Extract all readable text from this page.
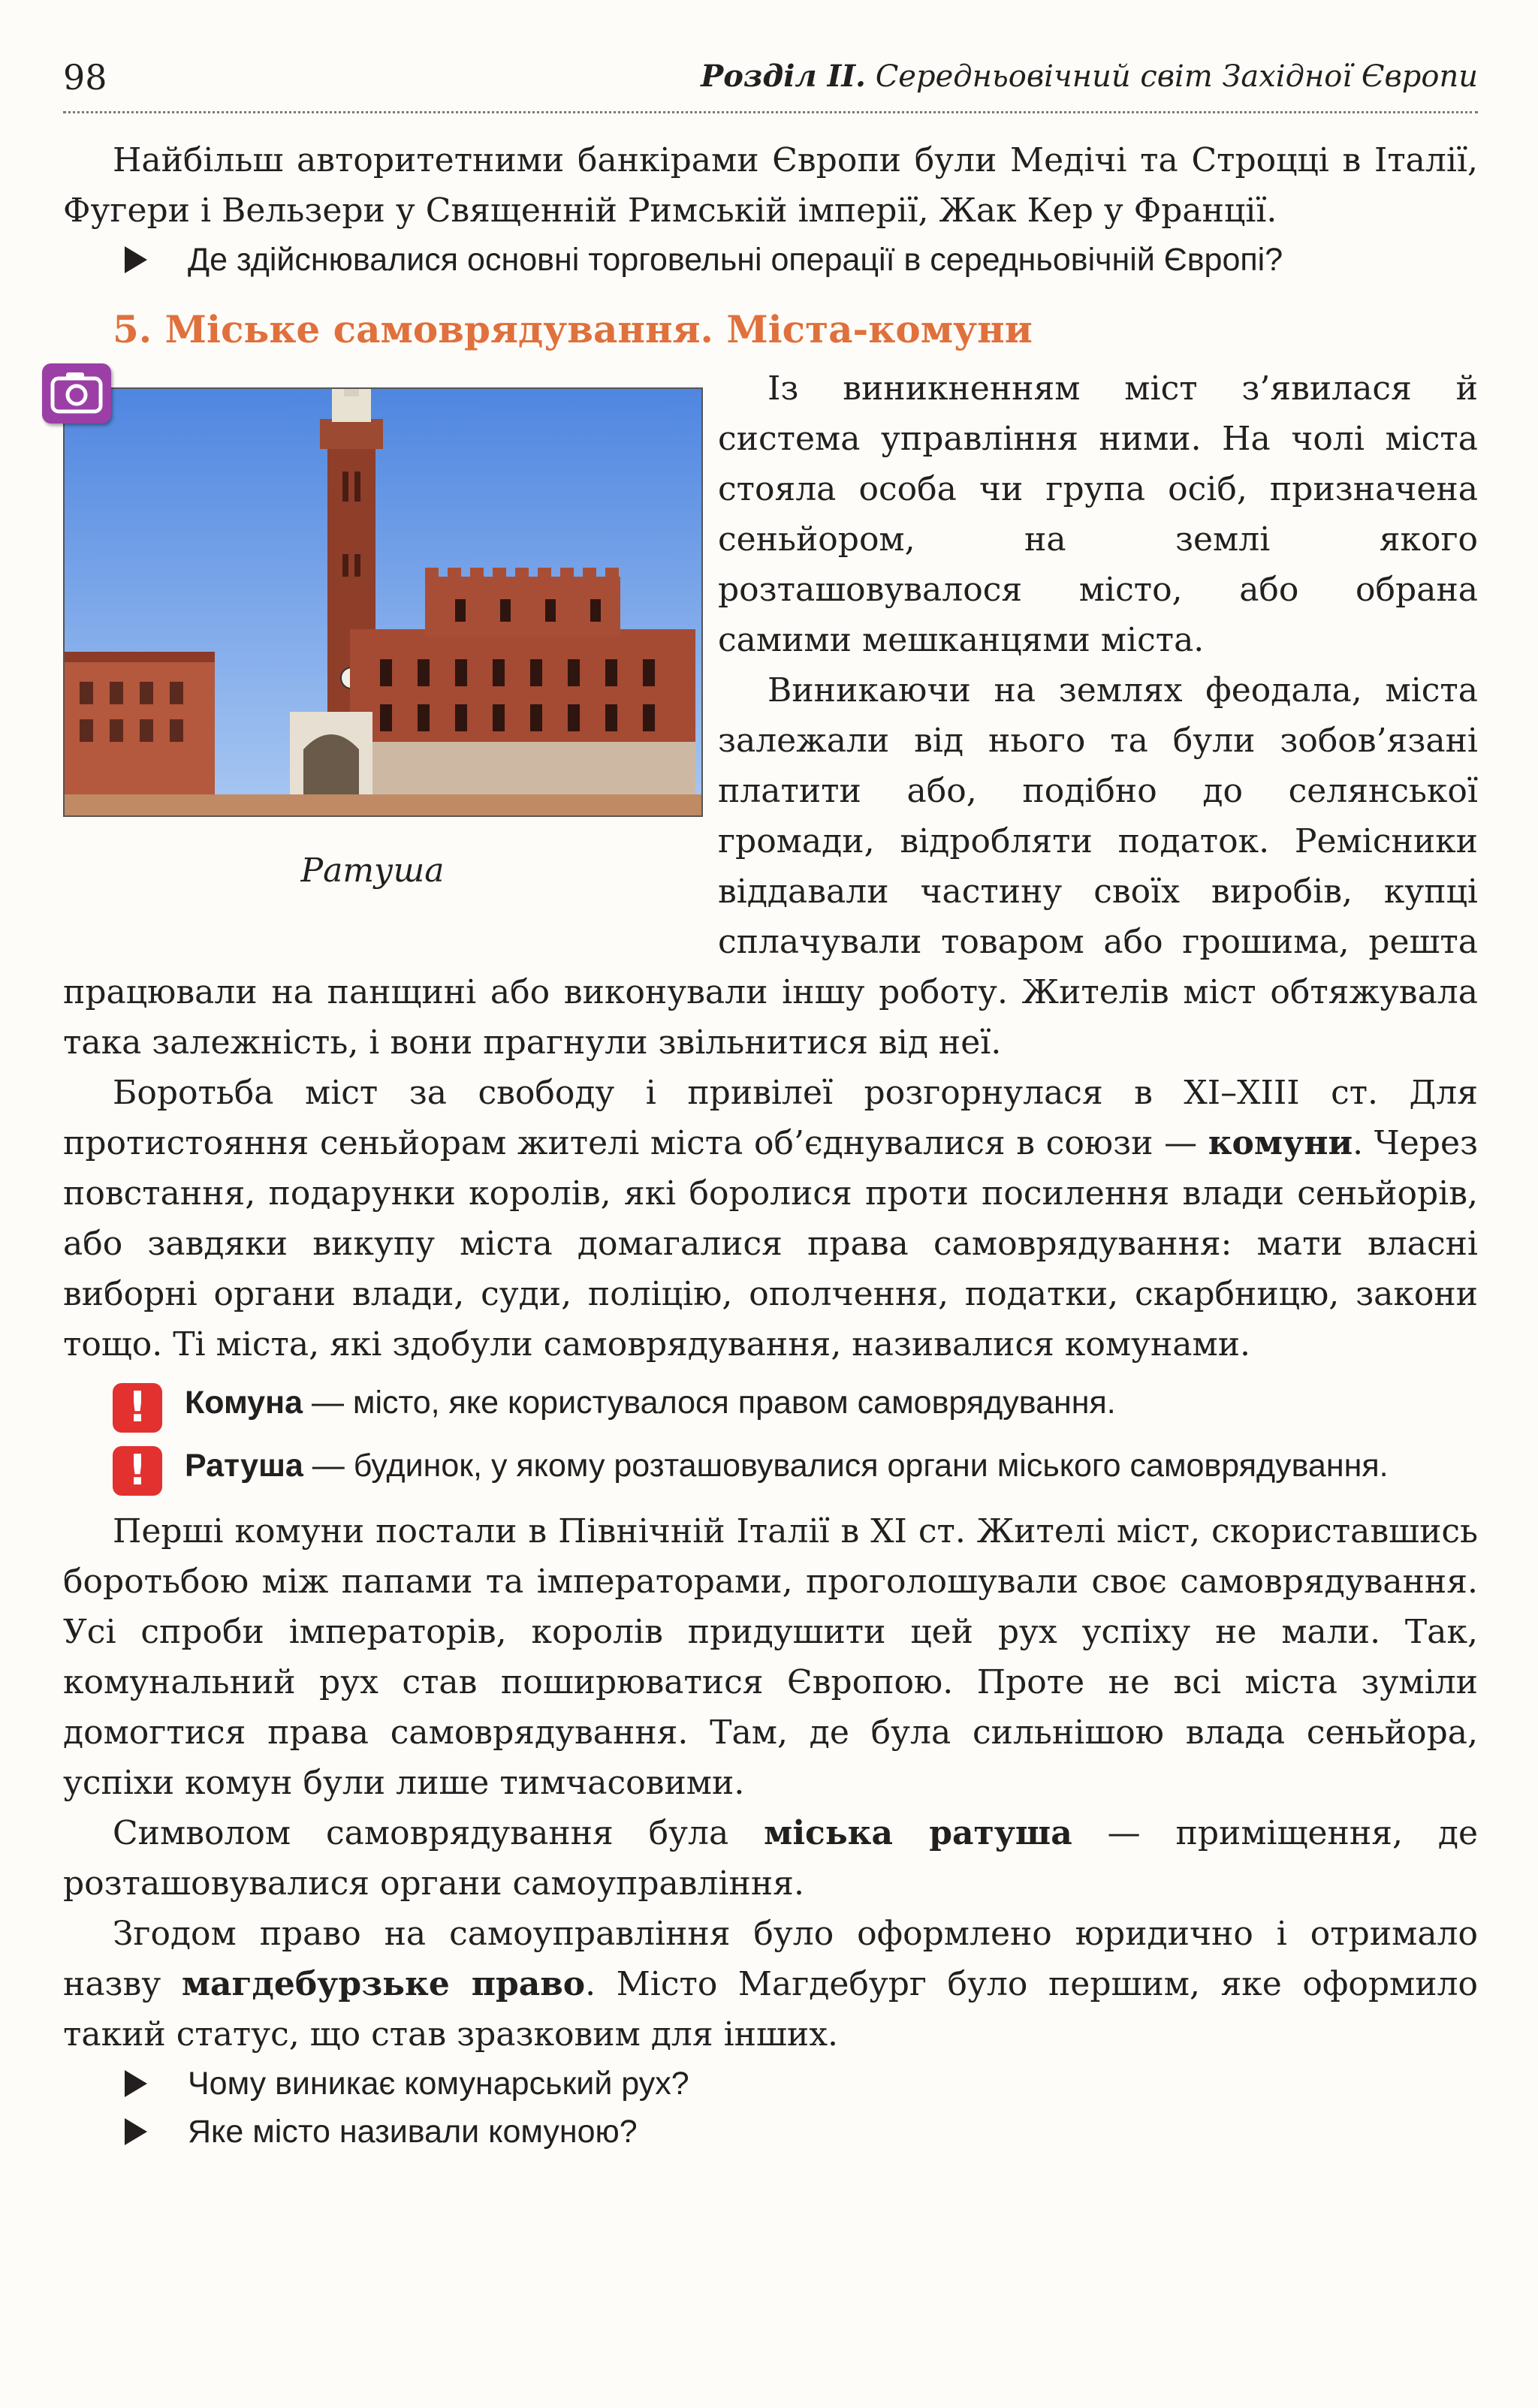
98	Розділ ІІ. Середньовічний світ Західної Європи

Найбільш авторитетними банкірами Європи були Медічі та Строцці в Італії, Фугери і Вельзери у Священній Римській імперії, Жак Кер у Франції.

Де здійснювалися основні торговельні операції в середньовічній Європі?
5. Міське самоврядування. Міста-комуни
Ратуша

Із виникненням міст з’явилася й система управління ними. На чолі міста стояла особа чи група осіб, призначена сеньйором, на землі якого розташовувалося місто, або обрана самими мешканцями міста.

Виникаючи на землях феодала, міста залежали від нього та були зобов’язані платити або, подібно до селянської громади, відробляти податок. Ремісники віддавали частину своїх виробів, купці сплачували товаром або грошима, решта працювали на панщині або виконували іншу роботу. Жителів міст обтяжувала така залежність, і вони прагнули звільнитися від неї.

Боротьба міст за свободу і привілеї розгорнулася в XI–XIII ст. Для протистояння сеньйорам жителі міста об’єднувалися в союзи — комуни. Через повстання, подарунки королів, які боролися проти посилення влади сеньйорів, або завдяки викупу міста домагалися права самоврядування: мати власні виборні органи влади, суди, поліцію, ополчення, податки, скарбницю, закони тощо. Ті міста, які здобули самоврядування, називалися комунами.

!	Комуна — місто, яке користувалося правом самоврядування.
!	Ратуша — будинок, у якому розташовувалися органи міського самоврядування.

Перші комуни постали в Північній Італії в XI ст. Жителі міст, скориставшись боротьбою між папами та імператорами, проголошували своє самоврядування. Усі спроби імператорів, королів придушити цей рух успіху не мали. Так, комунальний рух став поширюватися Європою. Проте не всі міста зуміли домогтися права самоврядування. Там, де була сильнішою влада сеньйора, успіхи комун були лише тимчасовими.

Символом самоврядування була міська ратуша — приміщення, де розташовувалися органи самоуправління.

Згодом право на самоуправління було оформлено юридично і отримало назву магдебурзьке право. Місто Магдебург було першим, яке оформило такий статус, що став зразковим для інших.

Чому виникає комунарський рух?
Яке місто називали комуною?
